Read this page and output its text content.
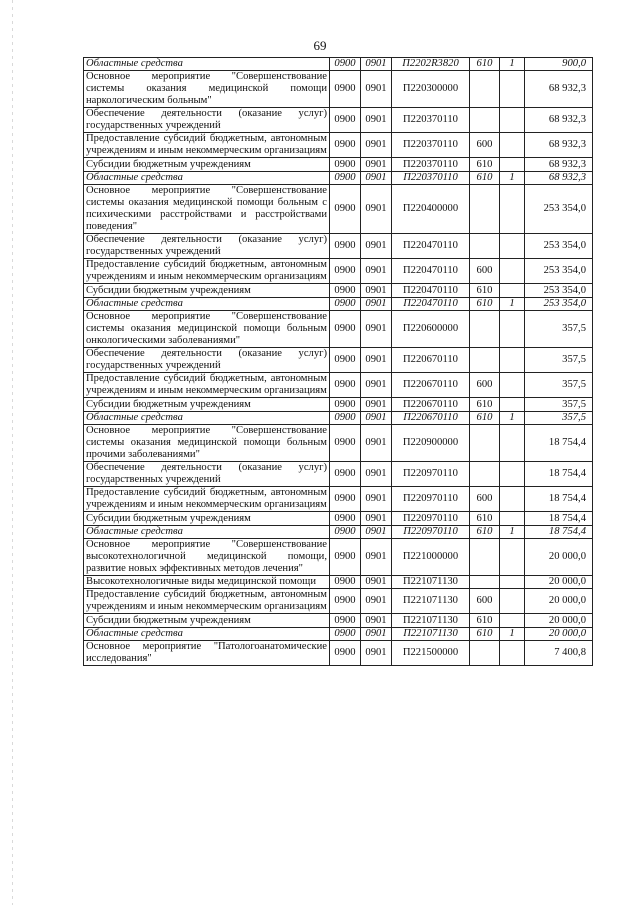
69
Областные средства	0900	0901	П2202R3820	610	1	900,0
Основное мероприятие "Совершенствование системы оказания медицинской помощи наркологическим больным"	0900	0901	П220300000			68 932,3
Обеспечение деятельности (оказание услуг) государственных учреждений	0900	0901	П220370110			68 932,3
Предоставление субсидий бюджетным, автономным учреждениям и иным некоммерческим организациям	0900	0901	П220370110	600		68 932,3
Субсидии бюджетным учреждениям	0900	0901	П220370110	610		68 932,3
Областные средства	0900	0901	П220370110	610	1	68 932,3
Основное мероприятие "Совершенствование системы оказания медицинской помощи больным с психическими расстройствами и расстройствами поведения"	0900	0901	П220400000			253 354,0
Обеспечение деятельности (оказание услуг) государственных учреждений	0900	0901	П220470110			253 354,0
Предоставление субсидий бюджетным, автономным учреждениям и иным некоммерческим организациям	0900	0901	П220470110	600		253 354,0
Субсидии бюджетным учреждениям	0900	0901	П220470110	610		253 354,0
Областные средства	0900	0901	П220470110	610	1	253 354,0
Основное мероприятие "Совершенствование системы оказания медицинской помощи больным онкологическими заболеваниями"	0900	0901	П220600000			357,5
Обеспечение деятельности (оказание услуг) государственных учреждений	0900	0901	П220670110			357,5
Предоставление субсидий бюджетным, автономным учреждениям и иным некоммерческим организациям	0900	0901	П220670110	600		357,5
Субсидии бюджетным учреждениям	0900	0901	П220670110	610		357,5
Областные средства	0900	0901	П220670110	610	1	357,5
Основное мероприятие "Совершенствование системы оказания медицинской помощи больным прочими заболеваниями"	0900	0901	П220900000			18 754,4
Обеспечение деятельности (оказание услуг) государственных учреждений	0900	0901	П220970110			18 754,4
Предоставление субсидий бюджетным, автономным учреждениям и иным некоммерческим организациям	0900	0901	П220970110	600		18 754,4
Субсидии бюджетным учреждениям	0900	0901	П220970110	610		18 754,4
Областные средства	0900	0901	П220970110	610	1	18 754,4
Основное мероприятие "Совершенствование высокотехнологичной медицинской помощи, развитие новых эффективных методов лечения"	0900	0901	П221000000			20 000,0
Высокотехнологичные виды медицинской помощи	0900	0901	П221071130			20 000,0
Предоставление субсидий бюджетным, автономным учреждениям и иным некоммерческим организациям	0900	0901	П221071130	600		20 000,0
Субсидии бюджетным учреждениям	0900	0901	П221071130	610		20 000,0
Областные средства	0900	0901	П221071130	610	1	20 000,0
Основное мероприятие "Патологоанатомические исследования"	0900	0901	П221500000			7 400,8
